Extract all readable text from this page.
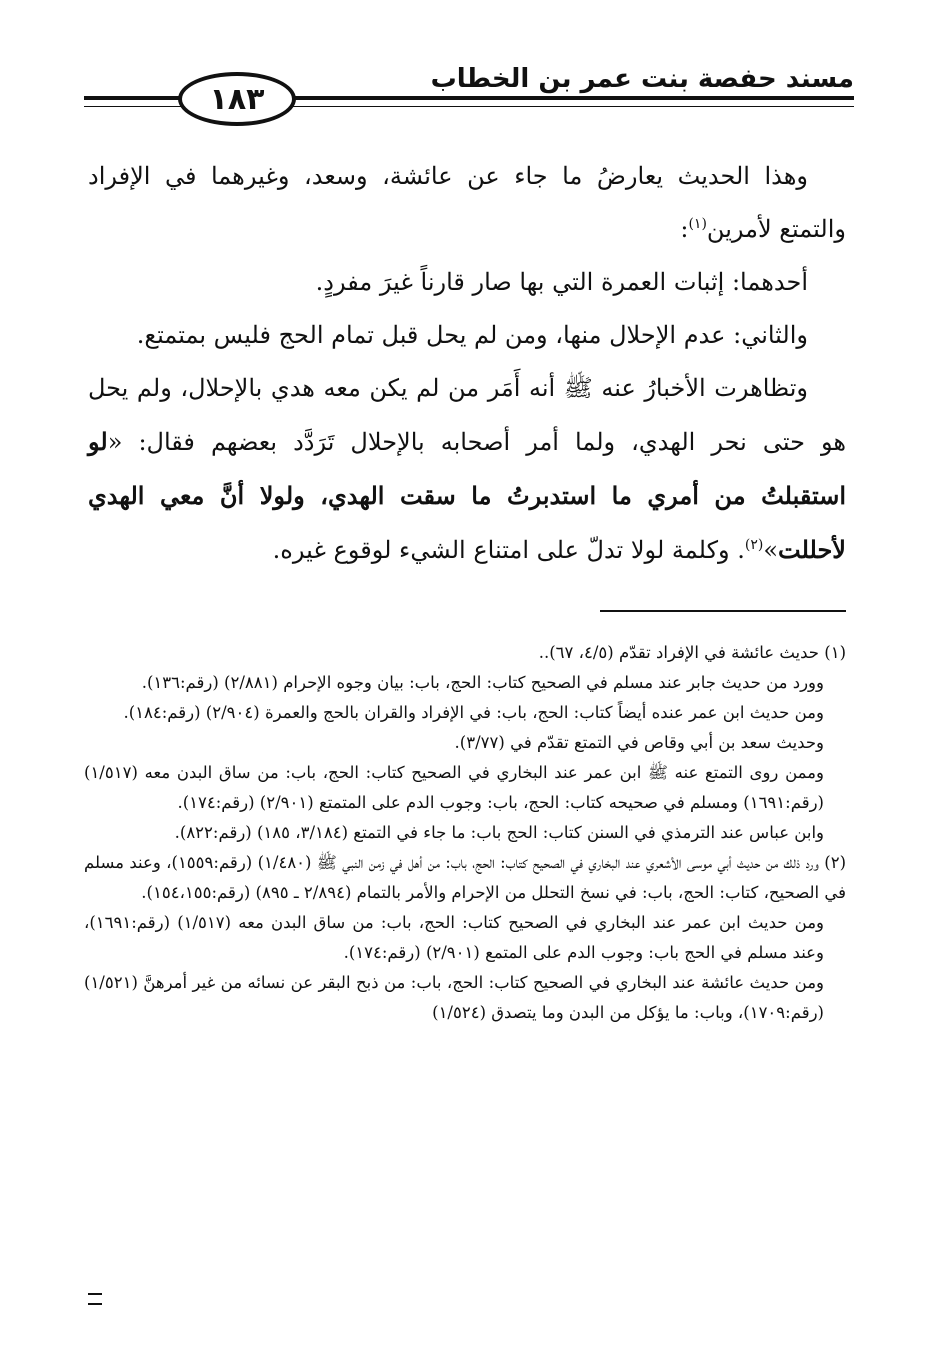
مسند حفصة بنت عمر بن الخطاب
١٨٣

وهذا الحديث يعارضُ ما جاء عن عائشة، وسعد، وغيرهما في الإفراد والتمتع لأمرين$^{(١)}$:

أحدهما: إثبات العمرة التي بها صار قارناً غيرَ مفردٍ.

والثاني: عدم الإحلال منها، ومن لم يحل قبل تمام الحج فليس بمتمتع.

وتظاهرت الأخبارُ عنه ﷺ أنه أَمَر من لم يكن معه هدي بالإحلال، ولم يحل هو حتى نحر الهدي، ولما أمر أصحابه بالإحلال تَرَدَّد بعضهم فقال: «لو استقبلتُ من أمري ما استدبرتُ ما سقت الهدي، ولولا أنَّ معي الهدي لأحللت»$^{(٢)}$. وكلمة لولا تدلّ على امتناع الشيء لوقوع غيره.

(١) حديث عائشة في الإفراد تقدّم (٤/٥، ٦٧)..

وورد من حديث جابر عند مسلم في الصحيح كتاب: الحج، باب: بيان وجوه الإحرام (٢/٨٨١) (رقم:١٣٦).

ومن حديث ابن عمر عنده أيضاً كتاب: الحج، باب: في الإفراد والقران بالحج والعمرة (٢/٩٠٤) (رقم:١٨٤).

وحديث سعد بن أبي وقاص في التمتع تقدّم في (٣/٧٧).

وممن روى التمتع عنه ﷺ ابن عمر عند البخاري في الصحيح كتاب: الحج، باب: من ساق البدن معه (١/٥١٧) (رقم:١٦٩١) ومسلم في صحيحه كتاب: الحج، باب: وجوب الدم على المتمتع (٢/٩٠١) (رقم:١٧٤).

وابن عباس عند الترمذي في السنن كتاب: الحج باب: ما جاء في التمتع (٣/١٨٤، ١٨٥) (رقم:٨٢٢).

(٢) ورد ذلك من حديث أبي موسى الأشعري عند البخاري في الصحيح كتاب: الحج، باب: من أهل في زمن النبي ﷺ (١/٤٨٠) (رقم:١٥٥٩)، وعند مسلم في الصحيح، كتاب: الحج، باب: في نسخ التحلل من الإحرام والأمر بالتمام (٢/٨٩٤ ـ ٨٩٥) (رقم:١٥٤،١٥٥).

ومن حديث ابن عمر عند البخاري في الصحيح كتاب: الحج، باب: من ساق البدن معه (١/٥١٧) (رقم:١٦٩١)، وعند مسلم في الحج باب: وجوب الدم على المتمع (٢/٩٠١) (رقم:١٧٤).

ومن حديث عائشة عند البخاري في الصحيح كتاب: الحج، باب: من ذبح البقر عن نسائه من غير أمرهنَّ (١/٥٢١) (رقم:١٧٠٩)، وباب: ما يؤكل من البدن وما يتصدق (١/٥٢٤)
